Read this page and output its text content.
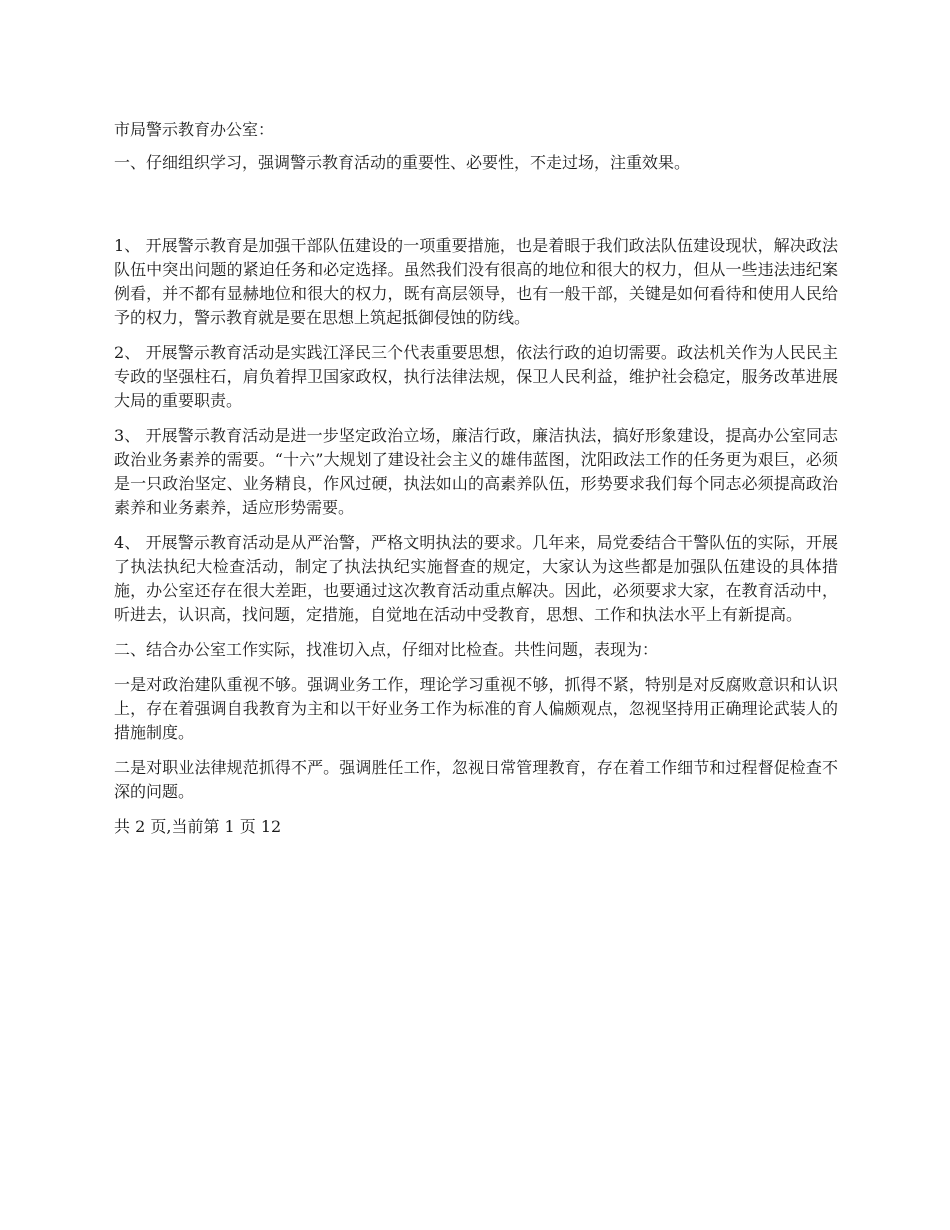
市局警示教育办公室：

一、仔细组织学习，强调警示教育活动的重要性、必要性，不走过场，注重效果。

1、 开展警示教育是加强干部队伍建设的一项重要措施，也是着眼于我们政法队伍建设现状，解决政法队伍中突出问题的紧迫任务和必定选择。虽然我们没有很高的地位和很大的权力，但从一些违法违纪案例看，并不都有显赫地位和很大的权力，既有高层领导，也有一般干部，关键是如何看待和使用人民给予的权力，警示教育就是要在思想上筑起抵御侵蚀的防线。

2、 开展警示教育活动是实践江泽民三个代表重要思想，依法行政的迫切需要。政法机关作为人民民主专政的坚强柱石，肩负着捍卫国家政权，执行法律法规，保卫人民利益，维护社会稳定，服务改革进展大局的重要职责。

3、 开展警示教育活动是进一步坚定政治立场，廉洁行政，廉洁执法，搞好形象建设，提高办公室同志政治业务素养的需要。“十六”大规划了建设社会主义的雄伟蓝图，沈阳政法工作的任务更为艰巨，必须是一只政治坚定、业务精良，作风过硬，执法如山的高素养队伍，形势要求我们每个同志必须提高政治素养和业务素养，适应形势需要。

4、 开展警示教育活动是从严治警，严格文明执法的要求。几年来，局党委结合干警队伍的实际，开展了执法执纪大检查活动，制定了执法执纪实施督查的规定，大家认为这些都是加强队伍建设的具体措施，办公室还存在很大差距，也要通过这次教育活动重点解决。因此，必须要求大家，在教育活动中，听进去，认识高，找问题，定措施，自觉地在活动中受教育，思想、工作和执法水平上有新提高。

二、结合办公室工作实际，找准切入点，仔细对比检查。共性问题，表现为：

一是对政治建队重视不够。强调业务工作，理论学习重视不够，抓得不紧，特别是对反腐败意识和认识上，存在着强调自我教育为主和以干好业务工作为标准的育人偏颇观点，忽视坚持用正确理论武装人的措施制度。

二是对职业法律规范抓得不严。强调胜任工作，忽视日常管理教育，存在着工作细节和过程督促检查不深的问题。

共 2 页,当前第 1 页 12
